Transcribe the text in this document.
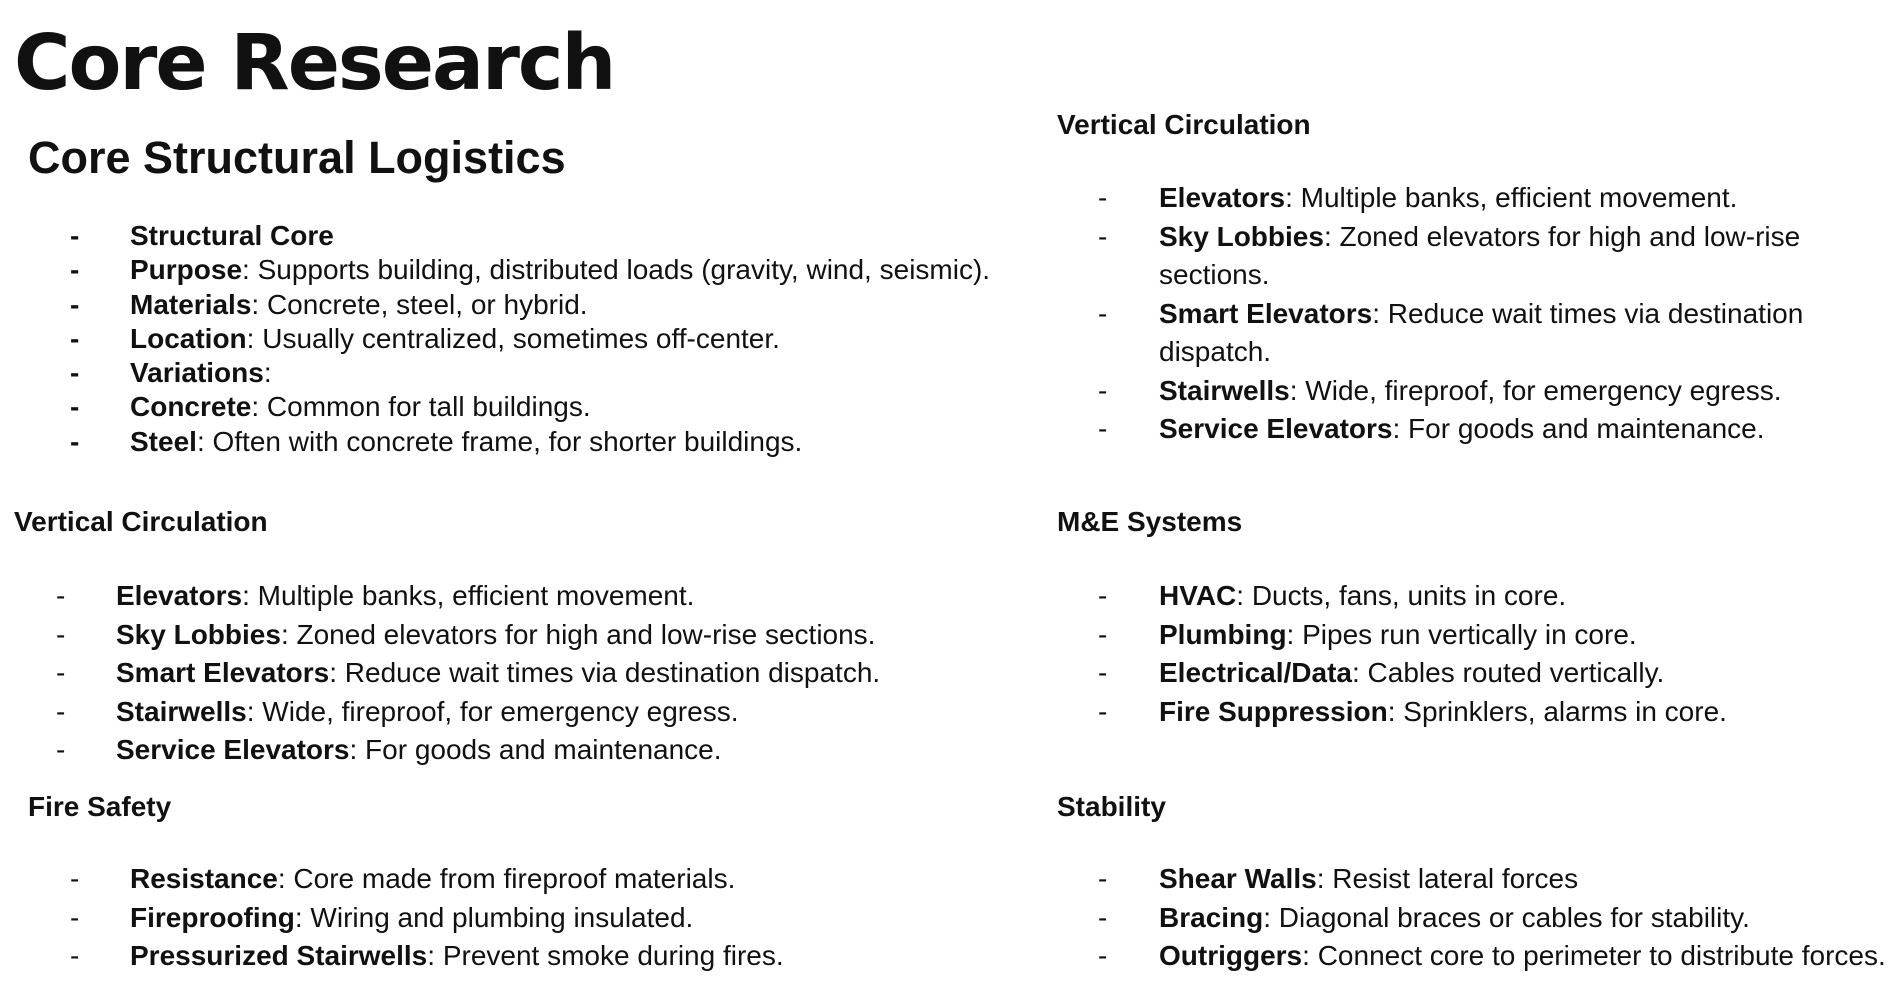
Core Research
Core Structural Logistics
- Structural Core
- Purpose: Supports building, distributed loads (gravity, wind, seismic).
- Materials: Concrete, steel, or hybrid.
- Location: Usually centralized, sometimes off-center.
- Variations:
- Concrete: Common for tall buildings.
- Steel: Often with concrete frame, for shorter buildings.
Vertical Circulation
- Elevators: Multiple banks, efficient movement.
- Sky Lobbies: Zoned elevators for high and low-rise sections.
- Smart Elevators: Reduce wait times via destination dispatch.
- Stairwells: Wide, fireproof, for emergency egress.
- Service Elevators: For goods and maintenance.
Fire Safety
- Resistance: Core made from fireproof materials.
- Fireproofing: Wiring and plumbing insulated.
- Pressurized Stairwells: Prevent smoke during fires.
Vertical Circulation
- Elevators: Multiple banks, efficient movement.
- Sky Lobbies: Zoned elevators for high and low-rise sections.
- Smart Elevators: Reduce wait times via destination dispatch.
- Stairwells: Wide, fireproof, for emergency egress.
- Service Elevators: For goods and maintenance.
M&E Systems
- HVAC: Ducts, fans, units in core.
- Plumbing: Pipes run vertically in core.
- Electrical/Data: Cables routed vertically.
- Fire Suppression: Sprinklers, alarms in core.
Stability
- Shear Walls: Resist lateral forces
- Bracing: Diagonal braces or cables for stability.
- Outriggers: Connect core to perimeter to distribute forces.
